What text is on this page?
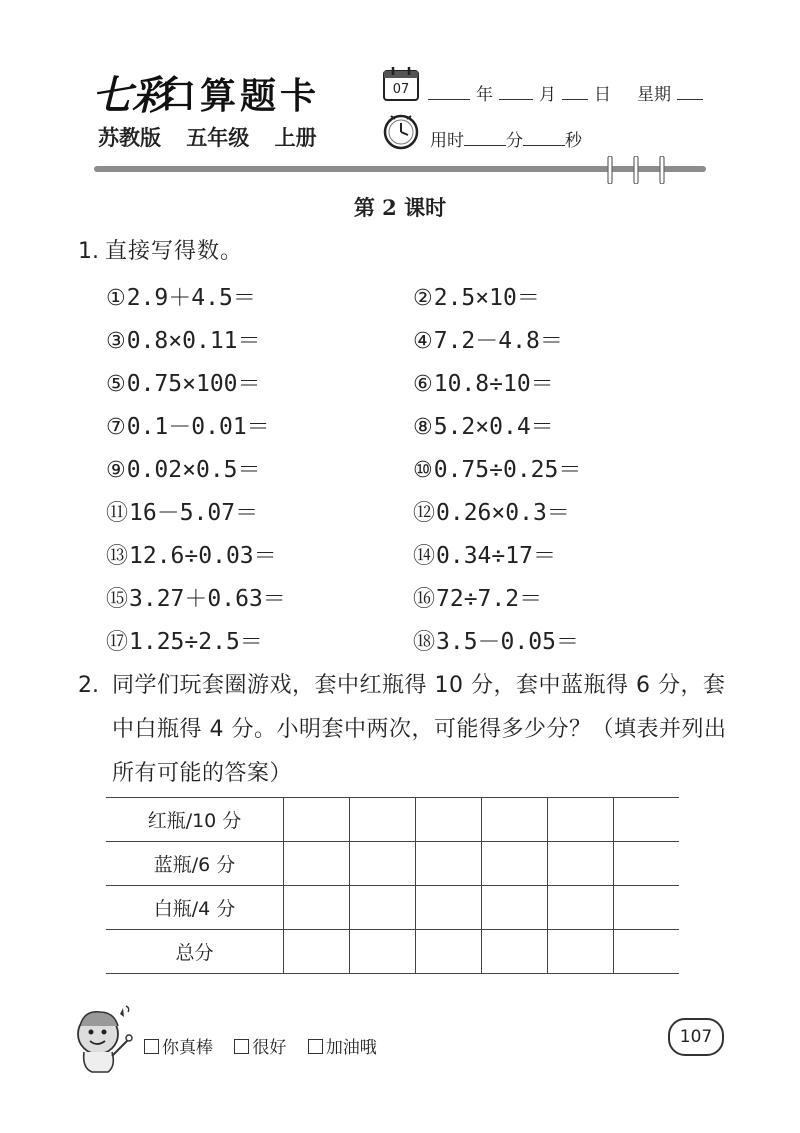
七彩
口算题卡
苏教版 五年级 上册
07	年	月 日 星期
用时 分 秒
第 2 课时
1. 直接写得数。
①2.9＋4.5＝	②2.5×10＝
③0.8×0.11＝	④7.2－4.8＝
⑤0.75×100＝	⑥10.8÷10＝
⑦0.1－0.01＝	⑧5.2×0.4＝
⑨0.02×0.5＝	⑩0.75÷0.25＝
⑪16－5.07＝	⑫0.26×0.3＝
⑬12.6÷0.03＝	⑭0.34÷17＝
⑮3.27＋0.63＝	⑯72÷7.2＝
⑰1.25÷2.5＝	⑱3.5－0.05＝
2. 同学们玩套圈游戏，套中红瓶得 10 分，套中蓝瓶得 6 分，套中白瓶得 4 分。小明套中两次，可能得多少分？（填表并列出所有可能的答案）
红瓶/10 分						
蓝瓶/6 分						
白瓶/4 分						
总分						
你真棒 很好 加油哦
107
